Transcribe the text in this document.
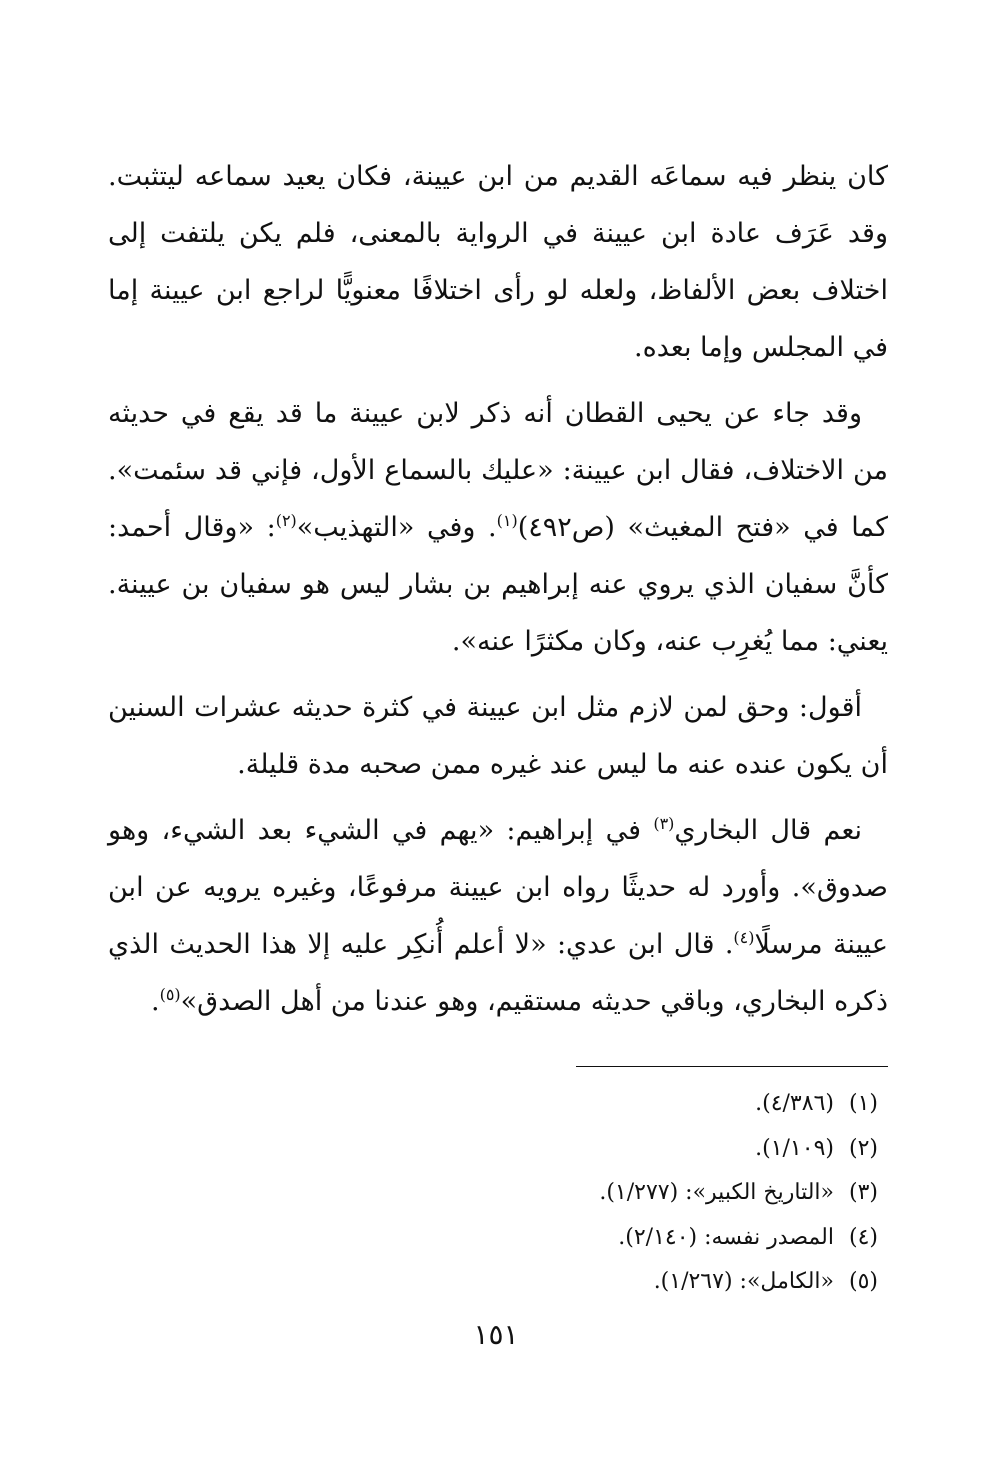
كان ينظر فيه سماعَه القديم من ابن عيينة، فكان يعيد سماعه ليتثبت. وقد عَرَف عادة ابن عيينة في الرواية بالمعنى، فلم يكن يلتفت إلى اختلاف بعض الألفاظ، ولعله لو رأى اختلافًا معنويًّا لراجع ابن عيينة إما في المجلس وإما بعده.

وقد جاء عن يحيى القطان أنه ذكر لابن عيينة ما قد يقع في حديثه من الاختلاف، فقال ابن عيينة: «عليك بالسماع الأول، فإني قد سئمت». كما في «فتح المغيث» (ص٤٩٢)$^{(١)}$. وفي «التهذيب»$^{(٢)}$: «وقال أحمد: كأنَّ سفيان الذي يروي عنه إبراهيم بن بشار ليس هو سفيان بن عيينة. يعني: مما يُغرِب عنه، وكان مكثرًا عنه».

أقول: وحق لمن لازم مثل ابن عيينة في كثرة حديثه عشرات السنين أن يكون عنده عنه ما ليس عند غيره ممن صحبه مدة قليلة.

نعم قال البخاري$^{(٣)}$ في إبراهيم: «يهم في الشيء بعد الشيء، وهو صدوق». وأورد له حديثًا رواه ابن عيينة مرفوعًا، وغيره يرويه عن ابن عيينة مرسلًا$^{(٤)}$. قال ابن عدي: «لا أعلم أُنكِر عليه إلا هذا الحديث الذي ذكره البخاري، وباقي حديثه مستقيم، وهو عندنا من أهل الصدق»$^{(٥)}$.

(١) (٤/٣٨٦).
(٢) (١/١٠٩).
(٣) «التاريخ الكبير»: (١/٢٧٧).
(٤) المصدر نفسه: (٢/١٤٠).
(٥) «الكامل»: (١/٢٦٧).
١٥١
